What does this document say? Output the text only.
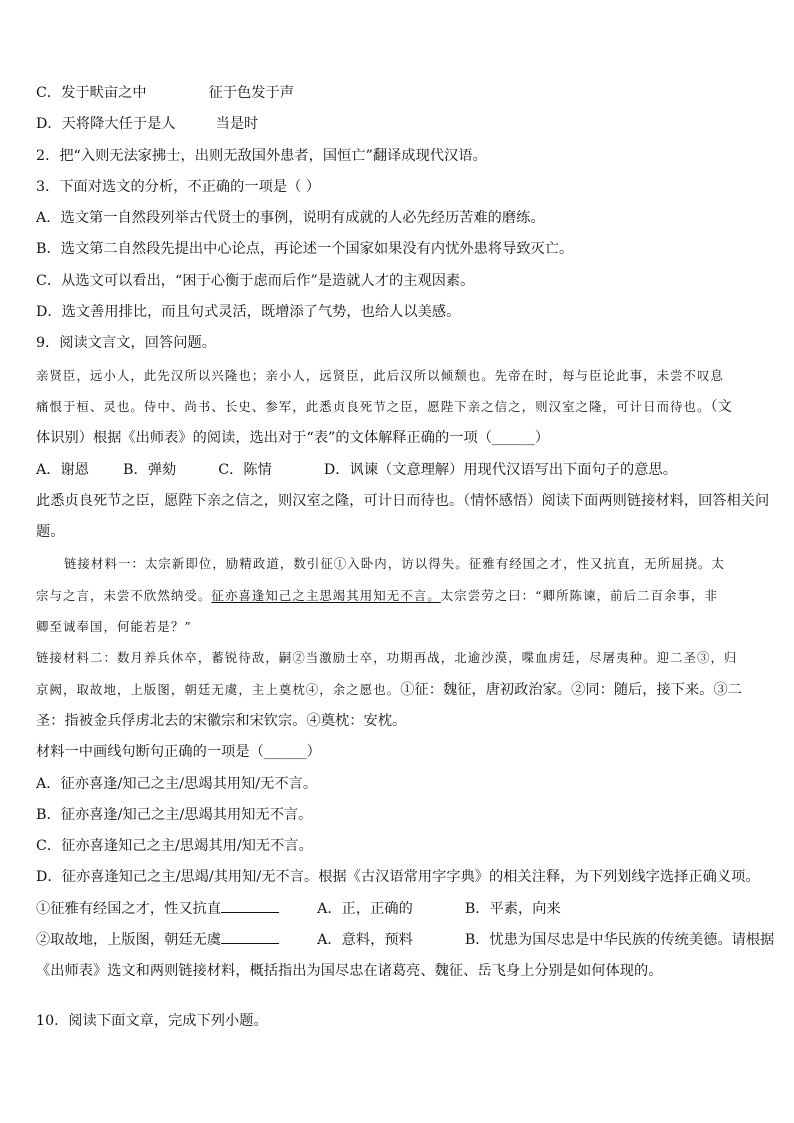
C．发于畎亩之中	征于色发于声
D．天将降大任于是人	当是时
2．把“入则无法家拂士，出则无敌国外患者，国恒亡”翻译成现代汉语。
3．下面对选文的分析，不正确的一项是（ ）
A．选文第一自然段列举古代贤士的事例，说明有成就的人必先经历苦难的磨练。
B．选文第二自然段先提出中心论点，再论述一个国家如果没有内忧外患将导致灭亡。
C．从选文可以看出，“困于心衡于虑而后作”是造就人才的主观因素。
D．选文善用排比，而且句式灵活，既增添了气势，也给人以美感。
9．阅读文言文，回答问题。
亲贤臣，远小人，此先汉所以兴隆也；亲小人，远贤臣，此后汉所以倾颓也。先帝在时，每与臣论此事，未尝不叹息
痛恨于桓、灵也。侍中、尚书、长史、参军，此悉贞良死节之臣，愿陛下亲之信之，则汉室之隆，可计日而待也。（文
体识别）根据《出师表》的阅读，选出对于“表”的文体解释正确的一项（______）
A．谢恩 B．弹劾	C．陈情	D．讽谏（文意理解）用现代汉语写出下面句子的意思。
此悉贞良死节之臣，愿陛下亲之信之，则汉室之隆，可计日而待也。（情怀感悟）阅读下面两则链接材料，回答相关问
题。
链接材料一：太宗新即位，励精政道，数引征①入卧内，访以得失。征雅有经国之才，性又抗直，无所屈挠。太
宗与之言，未尝不欣然纳受。征亦喜逢知己之主思竭其用知无不言。太宗尝劳之曰：“卿所陈谏，前后二百余事，非
卿至诚奉国，何能若是？”
链接材料二：数月养兵休卒，蓄锐待敌，嗣②当激励士卒，功期再战，北逾沙漠，喋血虏廷，尽屠夷种。迎二圣③，归
京阙，取故地，上版图，朝廷无虞，主上奠枕④，余之愿也。①征：魏征，唐初政治家。②同：随后，接下来。③二
圣：指被金兵俘虏北去的宋徽宗和宋钦宗。④奠枕：安枕。
材料一中画线句断句正确的一项是（______）
A．征亦喜逢/知己之主/思竭其用知/无不言。
B．征亦喜逢/知己之主/思竭其用知无不言。
C．征亦喜逢知己之主/思竭其用/知无不言。
D．征亦喜逢知己之主/思竭/其用知/无不言。根据《古汉语常用字字典》的相关注释，为下列划线字选择正确义项。
①征雅有经国之才，性又抗直	A．正，正确的	B．平素，向来
②取故地，上版图，朝廷无虞	A．意料，预料	B．忧患为国尽忠是中华民族的传统美德。请根据
《出师表》选文和两则链接材料，概括指出为国尽忠在诸葛亮、魏征、岳飞身上分别是如何体现的。
10．阅读下面文章，完成下列小题。
